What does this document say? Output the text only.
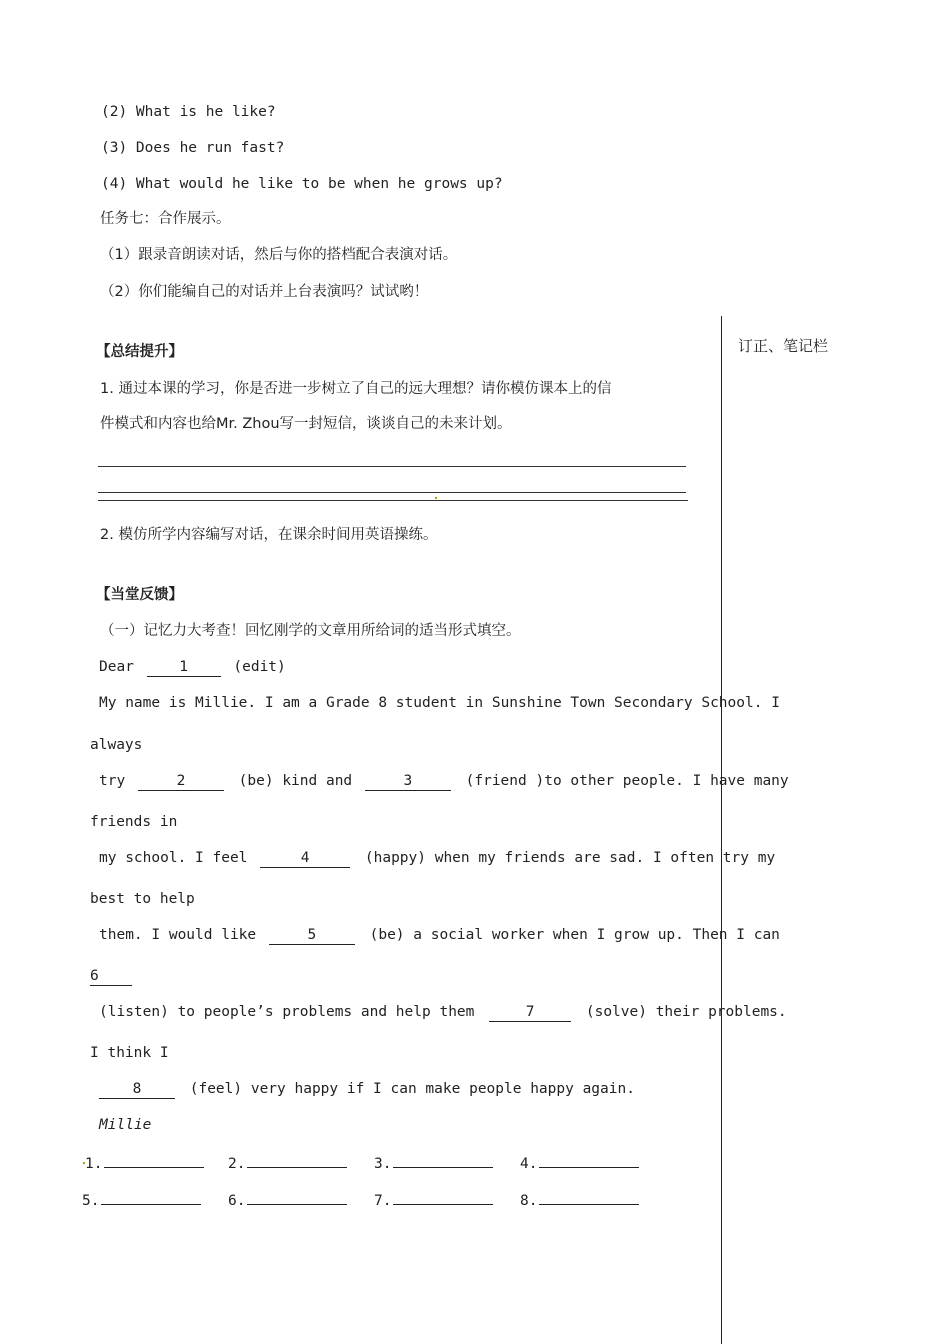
(2) What is he like?
(3) Does he run fast?
(4) What would he like to be when he grows up?
任务七：合作展示。
（1）跟录音朗读对话，然后与你的搭档配合表演对话。
（2）你们能编自己的对话并上台表演吗？试试哟！
订正、笔记栏
【总结提升】
1. 通过本课的学习，你是否进一步树立了自己的远大理想？请你模仿课本上的信
件模式和内容也给Mr. Zhou写一封短信，谈谈自己的未来计划。
2. 模仿所学内容编写对话，在课余时间用英语操练。
【当堂反馈】
（一）记忆力大考查！回忆刚学的文章用所给词的适当形式填空。
Dear	1	(edit)
My name is Millie. I am a Grade 8 student in Sunshine Town Secondary School. I
always
try	2	(be) kind and	3	(friend )to other people. I have many
friends in
my school. I feel	4	(happy) when my friends are sad. I often try my
best to help
them. I would like	5	(be) a social worker when I grow up. Then I can
6
(listen) to people’s problems and help them	7	(solve) their problems.
I think I
8	(feel) very happy if I can make people happy again.
Millie
1.	2.	3.	4.
5.	6.	7.	8.
